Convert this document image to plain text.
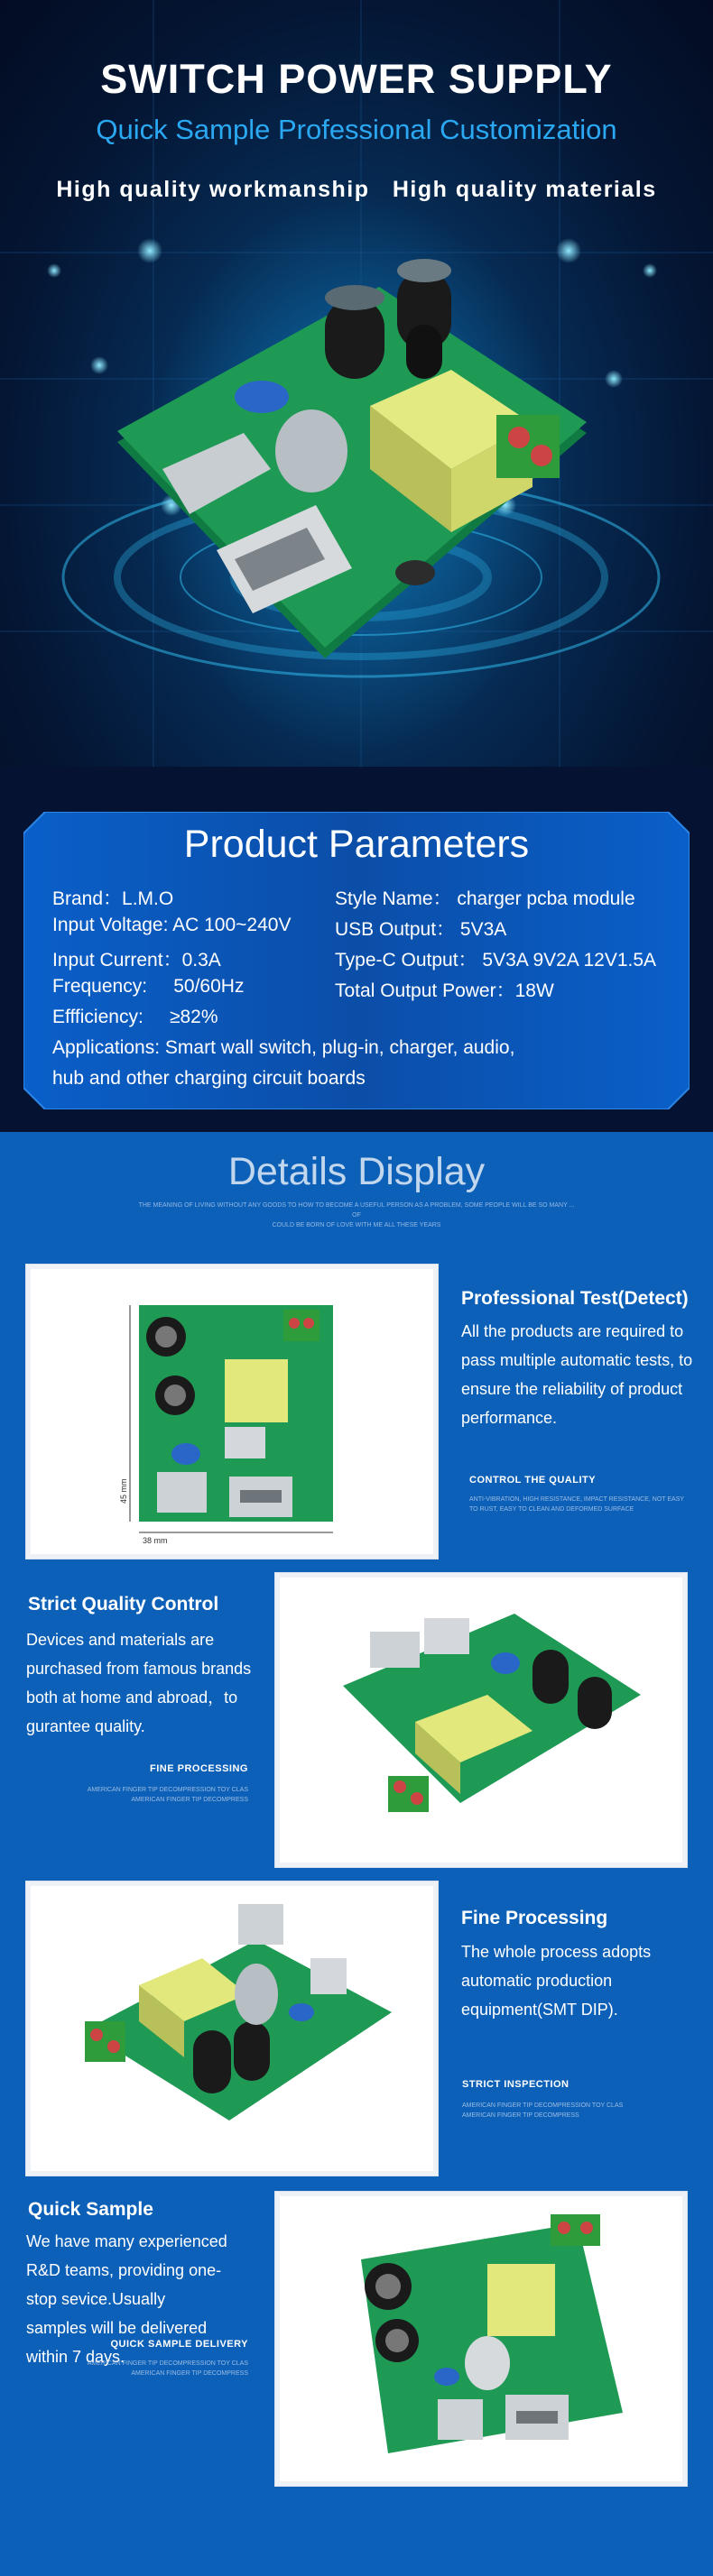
SWITCH POWER SUPPLY
Quick Sample Professional Customization
High quality workmanship   High quality materials
Product Parameters
Brand：L.M.O	Style Name： charger pcba module
Input Voltage: AC 100~240V USB Output： 5V3A
Input Current：0.3A	Type-C Output： 5V3A 9V2A 12V1.5A
Frequency:     50/60Hz	Total Output Power：18W
Effficiency:     ≥82%
Applications: Smart wall switch, plug-in, charger, audio,
hub and other charging circuit boards
Details Display
THE MEANING OF LIVING WITHOUT ANY GOODS TO HOW TO BECOME A USEFUL PERSON AS A PROBLEM, SOME PEOPLE WILL BE SO MANY ... OF
COULD BE BORN OF LOVE WITH ME ALL THESE YEARS
45 mm
38 mm
Professional Test(Detect)
All the products are required to pass multiple automatic tests, to ensure the reliability of product performance.
CONTROL THE QUALITY
ANTI-VIBRATION, HIGH RESISTANCE, IMPACT RESISTANCE, NOT EASY TO RUST, EASY TO CLEAN AND DEFORMED SURFACE
Strict Quality Control
Devices and materials are purchased from famous brands both at home and abroad，to gurantee quality.
FINE PROCESSING
AMERICAN FINGER TIP DECOMPRESSION TOY CLAS
AMERICAN FINGER TIP DECOMPRESS
Fine Processing
The whole process adopts automatic production equipment(SMT DIP).
STRICT INSPECTION
AMERICAN FINGER TIP DECOMPRESSION TOY CLAS
AMERICAN FINGER TIP DECOMPRESS
Quick Sample
We have many experienced R&D teams, providing one-stop sevice.Usually samples will be delivered within 7 days.
QUICK SAMPLE DELIVERY
AMERICAN FINGER TIP DECOMPRESSION TOY CLAS
AMERICAN FINGER TIP DECOMPRESS
